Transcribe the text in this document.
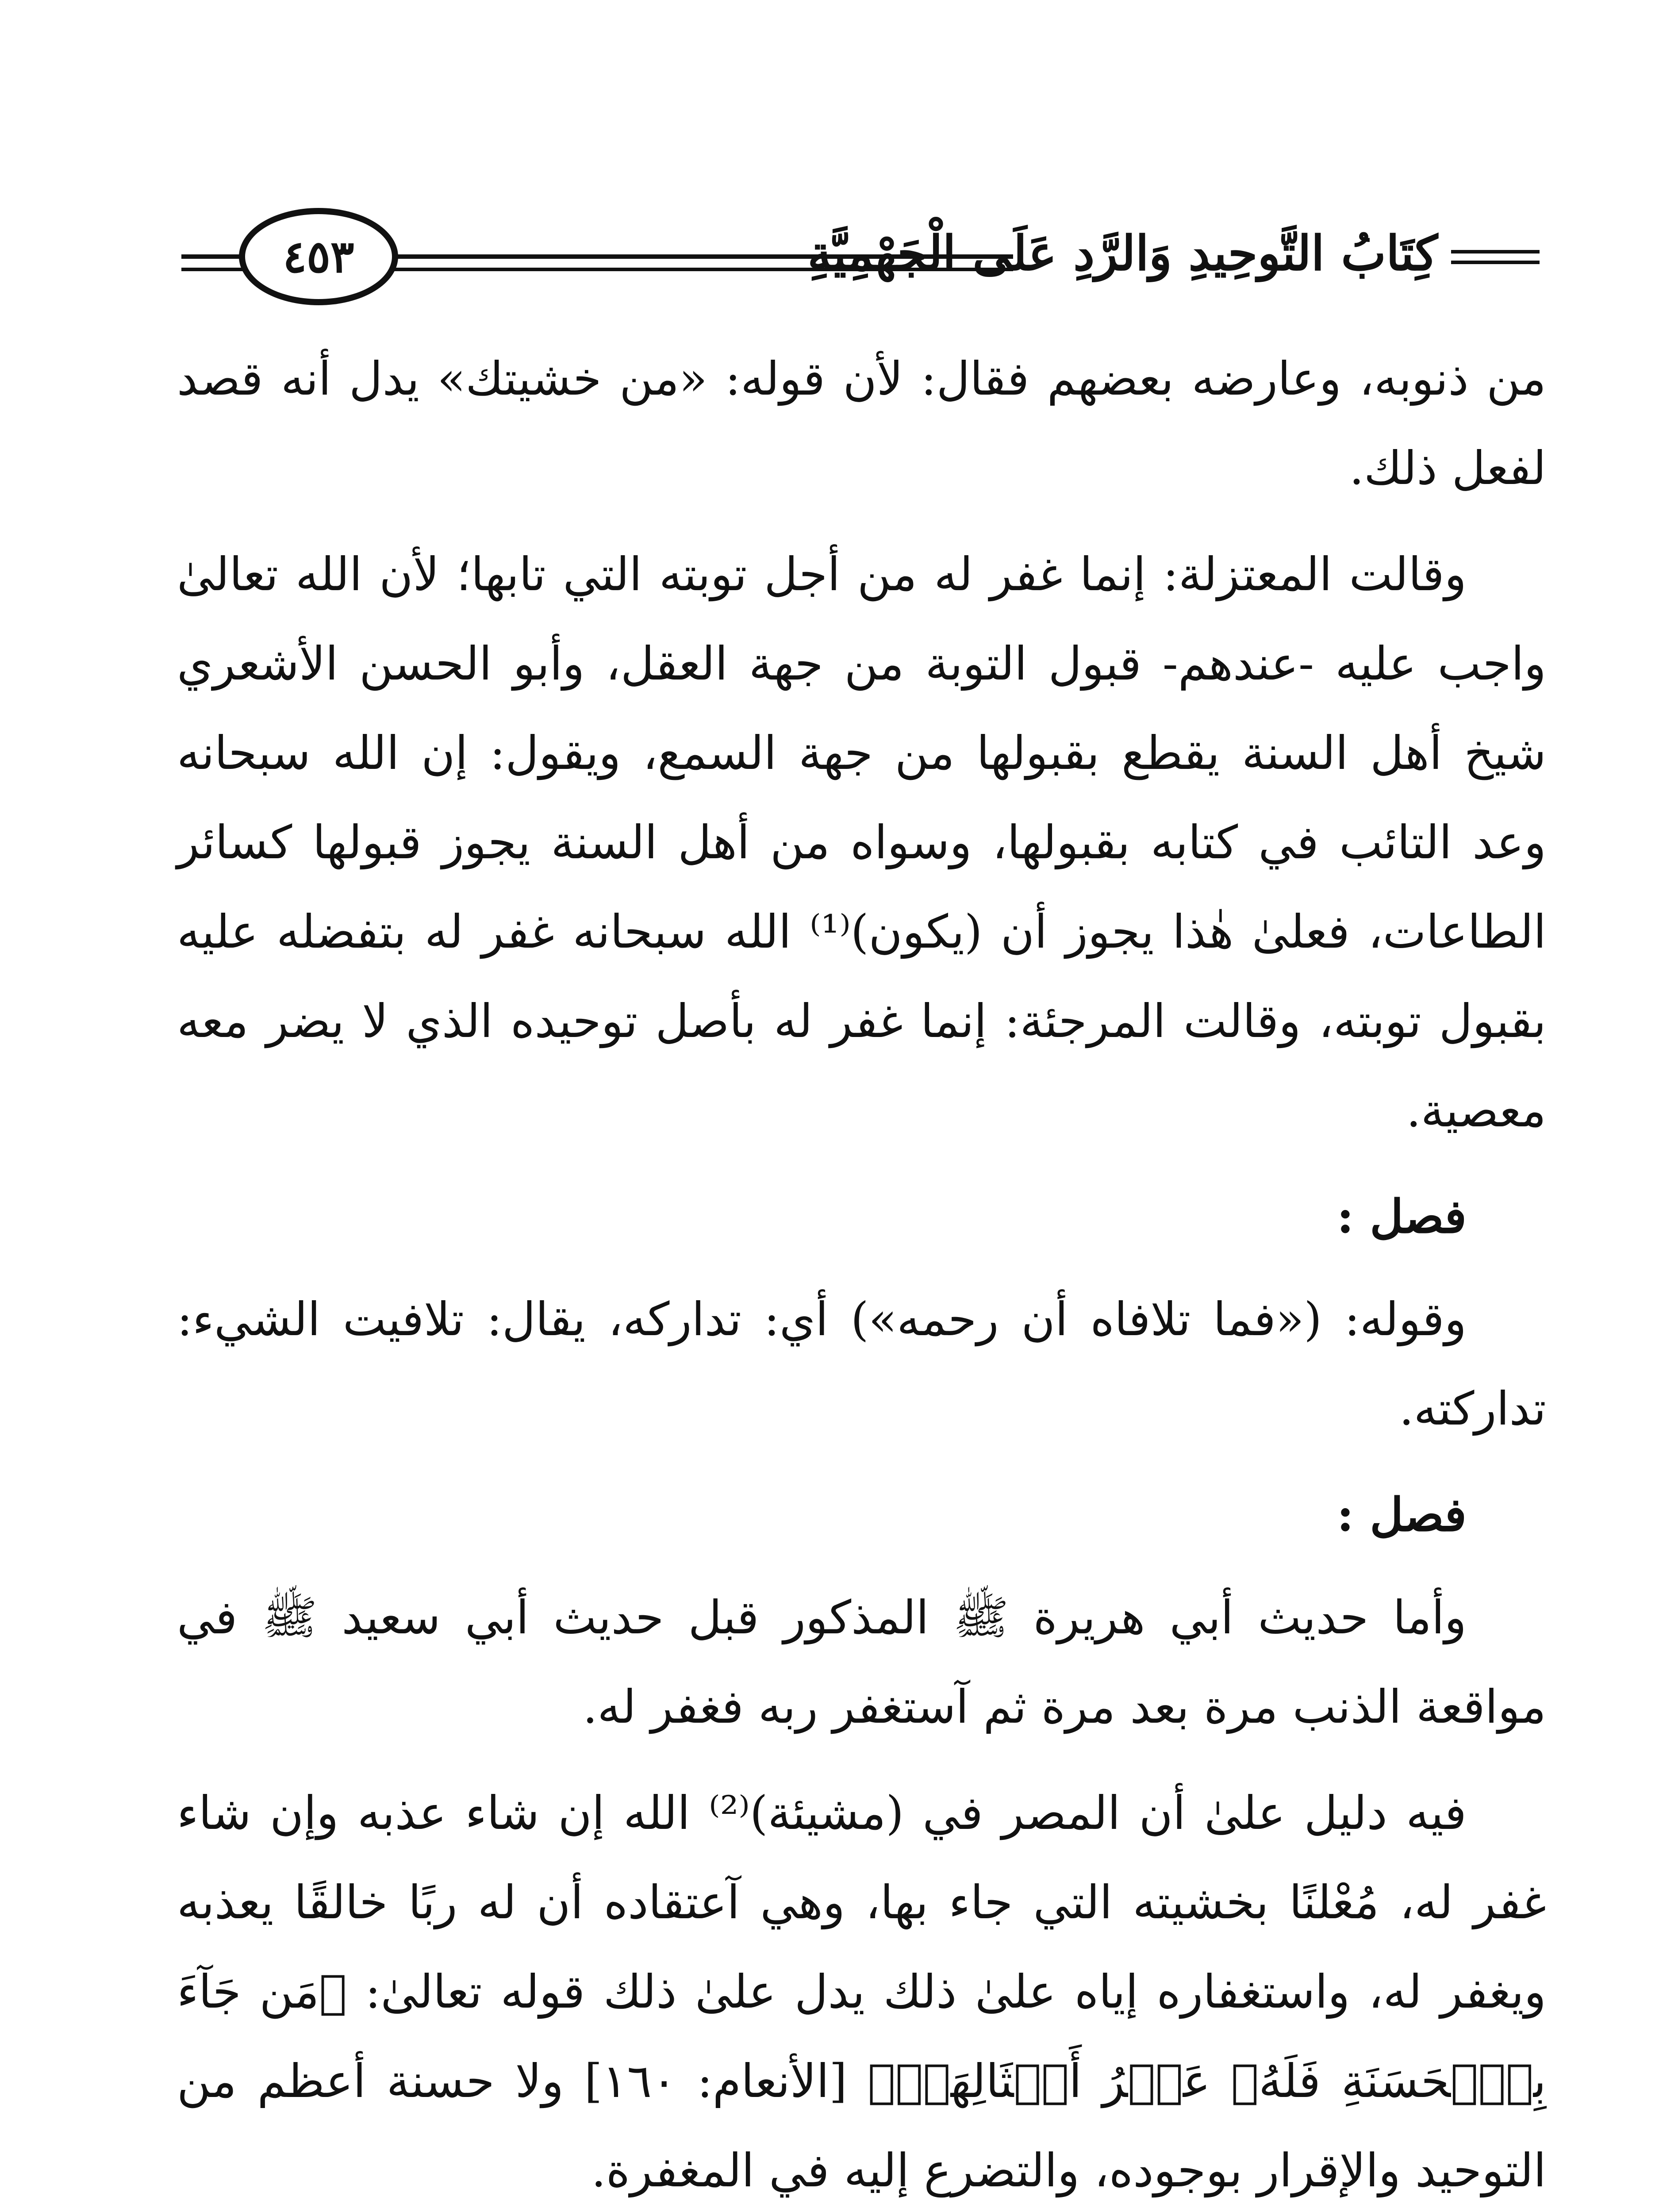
كِتَابُ التَّوحِيدِ وَالرَّدِ عَلَى الْجَهْمِيَّةِ
٤٥٣

من ذنوبه، وعارضه بعضهم فقال: لأن قوله: «من خشيتك» يدل أنه قصد لفعل ذلك.

وقالت المعتزلة: إنما غفر له من أجل توبته التي تابها؛ لأن الله تعالىٰ واجب عليه -عندهم- قبول التوبة من جهة العقل، وأبو الحسن الأشعري شيخ أهل السنة يقطع بقبولها من جهة السمع، ويقول: إن الله سبحانه وعد التائب في كتابه بقبولها، وسواه من أهل السنة يجوز قبولها كسائر الطاعات، فعلىٰ هٰذا يجوز أن (يكون)⁽¹⁾ الله سبحانه غفر له بتفضله عليه بقبول توبته، وقالت المرجئة: إنما غفر له بأصل توحيده الذي لا يضر معه معصية.

فصل :

وقوله: («فما تلافاه أن رحمه») أي: تداركه، يقال: تلافيت الشيء: تداركته.

فصل :

وأما حديث أبي هريرة ﷺ المذكور قبل حديث أبي سعيد ﷺ في مواقعة الذنب مرة بعد مرة ثم آستغفر ربه فغفر له.

فيه دليل علىٰ أن المصر في (مشيئة)⁽²⁾ الله إن شاء عذبه وإن شاء غفر له، مُعْلنًا بخشيته التي جاء بها، وهي آعتقاده أن له ربًا خالقًا يعذبه ويغفر له، واستغفاره إياه علىٰ ذلك يدل علىٰ ذلك قوله تعالىٰ: ﴿مَن جَآءَ بِٱلۡحَسَنَةِ فَلَهُۥ عَشۡرُ أَمۡثَالِهَاۖ﴾ [الأنعام: ١٦٠] ولا حسنة أعظم من التوحيد والإقرار بوجوده، والتضرع إليه في المغفرة.
